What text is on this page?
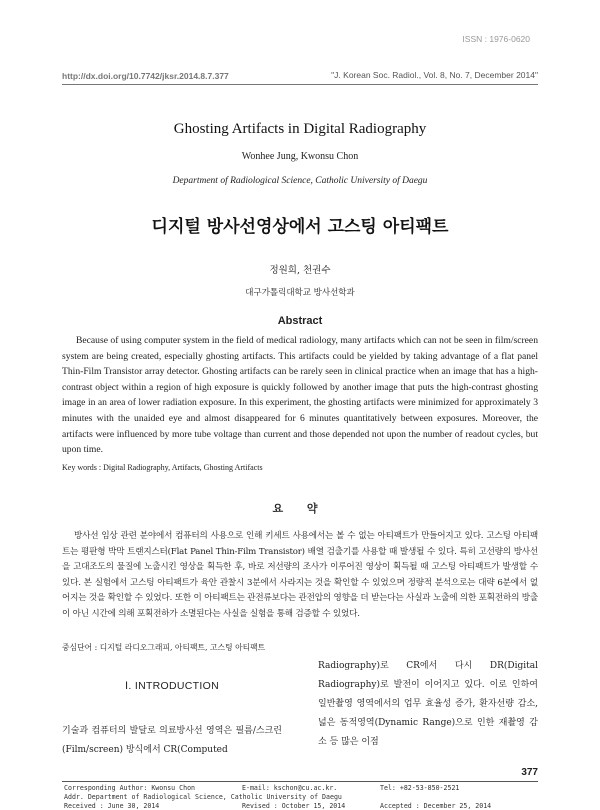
ISSN : 1976-0620
http://dx.doi.org/10.7742/jksr.2014.8.7.377	"J. Korean Soc. Radiol., Vol. 8, No. 7, December 2014"
Ghosting Artifacts in Digital Radiography
Wonhee Jung, Kwonsu Chon
Department of Radiological Science, Catholic University of Daegu
디지털 방사선영상에서 고스팅 아티팩트
정원희, 천권수
대구가톨릭대학교 방사선학과
Abstract
Because of using computer system in the field of medical radiology, many artifacts which can not be seen in film/screen system are being created, especially ghosting artifacts. This artifacts could be yielded by taking advantage of a flat panel Thin-Film Transistor array detector. Ghosting artifacts can be rarely seen in clinical practice when an image that has a high-contrast object within a region of high exposure is quickly followed by another image that puts the high-contrast ghosting image in an area of lower radiation exposure. In this experiment, the ghosting artifacts were minimized for approximately 3 minutes with the unaided eye and almost disappeared for 6 minutes quantitatively between exposures. Moreover, the artifacts were influenced by more tube voltage than current and those depended not upon the number of readout cycles, but upon time.
Key words : Digital Radiography, Artifacts, Ghosting Artifacts
요 약
방사선 임상 관련 분야에서 컴퓨터의 사용으로 인해 키세트 사용에서는 볼 수 없는 아티팩트가 만들어지고 있다. 고스팅 아티팩트는 평판형 박막 트랜지스터(Flat Panel Thin-Film Transistor) 배열 검출기를 사용할 때 발생될 수 있다. 특히 고선량의 방사선을 고대조도의 물질에 노출시킨 영상을 획득한 후, 바로 저선량의 조사가 이루어진 영상이 획득될 때 고스팅 아티팩트가 발생할 수 있다. 본 실험에서 고스팅 아티팩트가 육안 관찰시 3분에서 사라지는 것을 확인할 수 있었으며 정량적 분석으로는 대략 6분에서 없어지는 것을 확인할 수 있었다. 또한 이 아티팩트는 관전류보다는 관전압의 영향을 더 받는다는 사실과 노출에 의한 포획전하의 방출이 아닌 시간에 의해 포획전하가 소멸된다는 사실을 실험을 통해 검증할 수 있었다.
중심단어 : 디지털 라디오그래피, 아티팩트, 고스팅 아티팩트
Ⅰ. INTRODUCTION
기술과 컴퓨터의 발달로 의료방사선 영역은 필름/스크린(Film/screen) 방식에서 CR(Computed
Radiography)로 CR에서 다시 DR(Digital Radiography)로 발전이 이어지고 있다. 이로 인하여 일반촬영 영역에서의 업무 효율성 증가, 환자선량 감소, 넓은 동적영역(Dynamic Range)으로 인한 재촬영 감소 등 많은 이점
377
Corresponding Author: Kwonsu Chon	E-mail: kschon@cu.ac.kr.	Tel: +82-53-850-2521
Addr. Department of Radiological Science, Catholic University of Daegu
Received : June 30, 2014	Revised : October 15, 2014	Accepted : December 25, 2014
